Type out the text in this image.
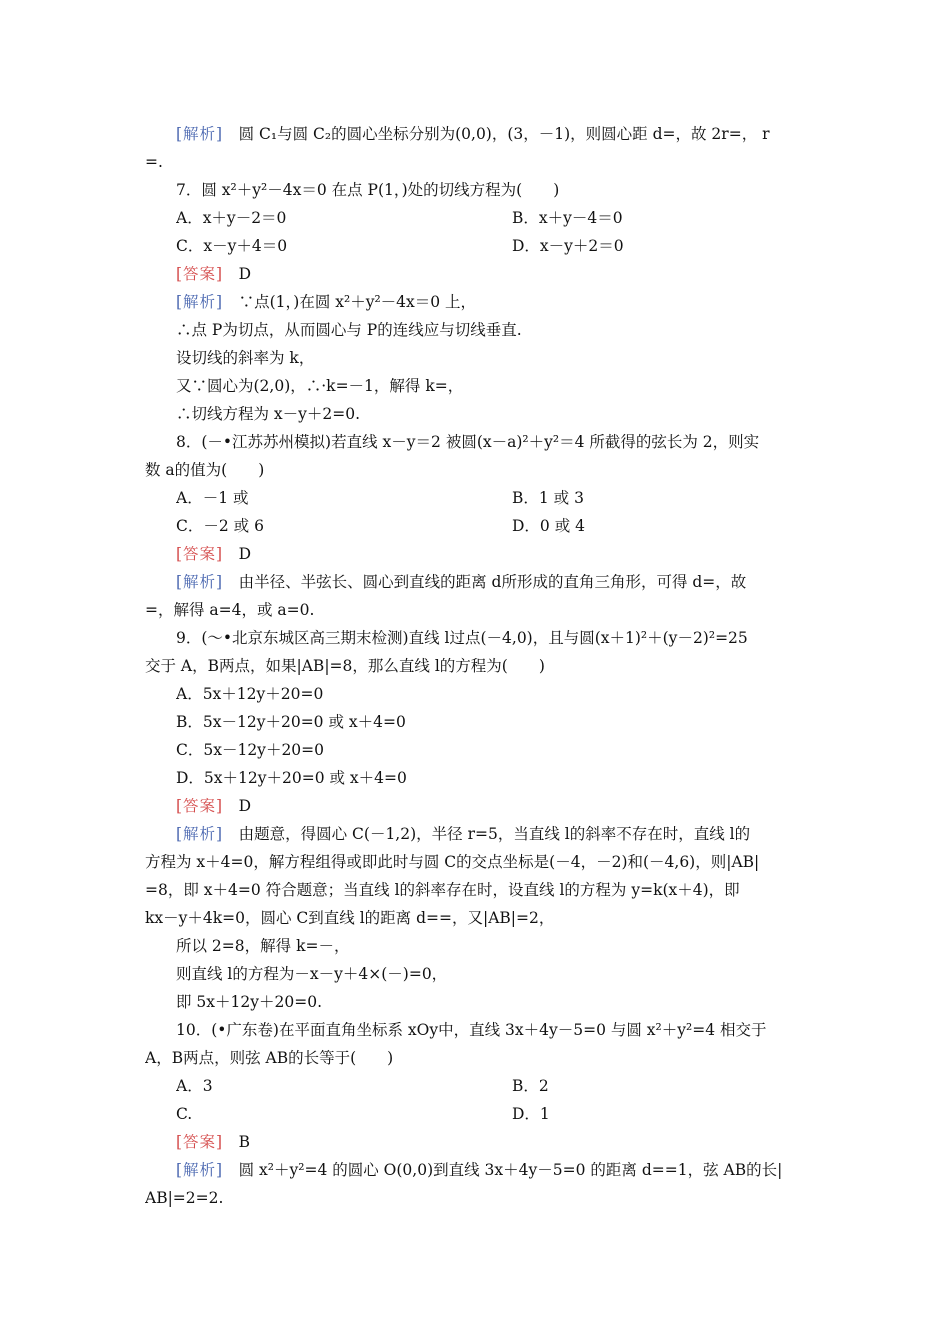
[解析]　圆 C₁与圆 C₂的圆心坐标分别为(0,0)，(3，－1)，则圆心距 d=，故 2r=， r
=.
7．圆 x²＋y²－4x＝0 在点 P(1，)处的切线方程为(　　)
A．x＋y－2＝0	B．x＋y－4＝0
C．x－y＋4＝0	D．x－y＋2＝0
[答案]　D
[解析]　∵点(1，)在圆 x²＋y²－4x＝0 上，
∴点 P为切点，从而圆心与 P的连线应与切线垂直.
设切线的斜率为 k，
又∵圆心为(2,0)，∴·k=－1，解得 k=，
∴切线方程为 x－y＋2=0.
8．(－•江苏苏州模拟)若直线 x－y＝2 被圆(x－a)²＋y²＝4 所截得的弦长为 2，则实
数 a的值为(　　)
A．－1 或	B．1 或 3
C．－2 或 6	D．0 或 4
[答案]　D
[解析]　由半径、半弦长、圆心到直线的距离 d所形成的直角三角形，可得 d=，故
=，解得 a=4，或 a=0.
9．(～•北京东城区高三期末检测)直线 l过点(－4,0)，且与圆(x＋1)²＋(y－2)²=25
交于 A，B两点，如果|AB|=8，那么直线 l的方程为(　　)
A．5x＋12y＋20=0
B．5x－12y＋20=0 或 x＋4=0
C．5x－12y＋20=0
D．5x＋12y＋20=0 或 x＋4=0
[答案]　D
[解析]　由题意，得圆心 C(－1,2)，半径 r=5，当直线 l的斜率不存在时，直线 l的
方程为 x＋4=0，解方程组得或即此时与圆 C的交点坐标是(－4，－2)和(－4,6)，则|AB|
=8，即 x＋4=0 符合题意；当直线 l的斜率存在时，设直线 l的方程为 y=k(x＋4)，即
kx－y＋4k=0，圆心 C到直线 l的距离 d==，又|AB|=2，
所以 2=8，解得 k=－，
则直线 l的方程为－x－y＋4×(－)=0，
即 5x＋12y＋20=0.
10．(•广东卷)在平面直角坐标系 xOy中，直线 3x＋4y－5=0 与圆 x²＋y²=4 相交于
A，B两点，则弦 AB的长等于(　　)
A．3	B．2
C.	D．1
[答案]　B
[解析]　圆 x²＋y²=4 的圆心 O(0,0)到直线 3x＋4y－5=0 的距离 d==1，弦 AB的长|
AB|=2=2.
